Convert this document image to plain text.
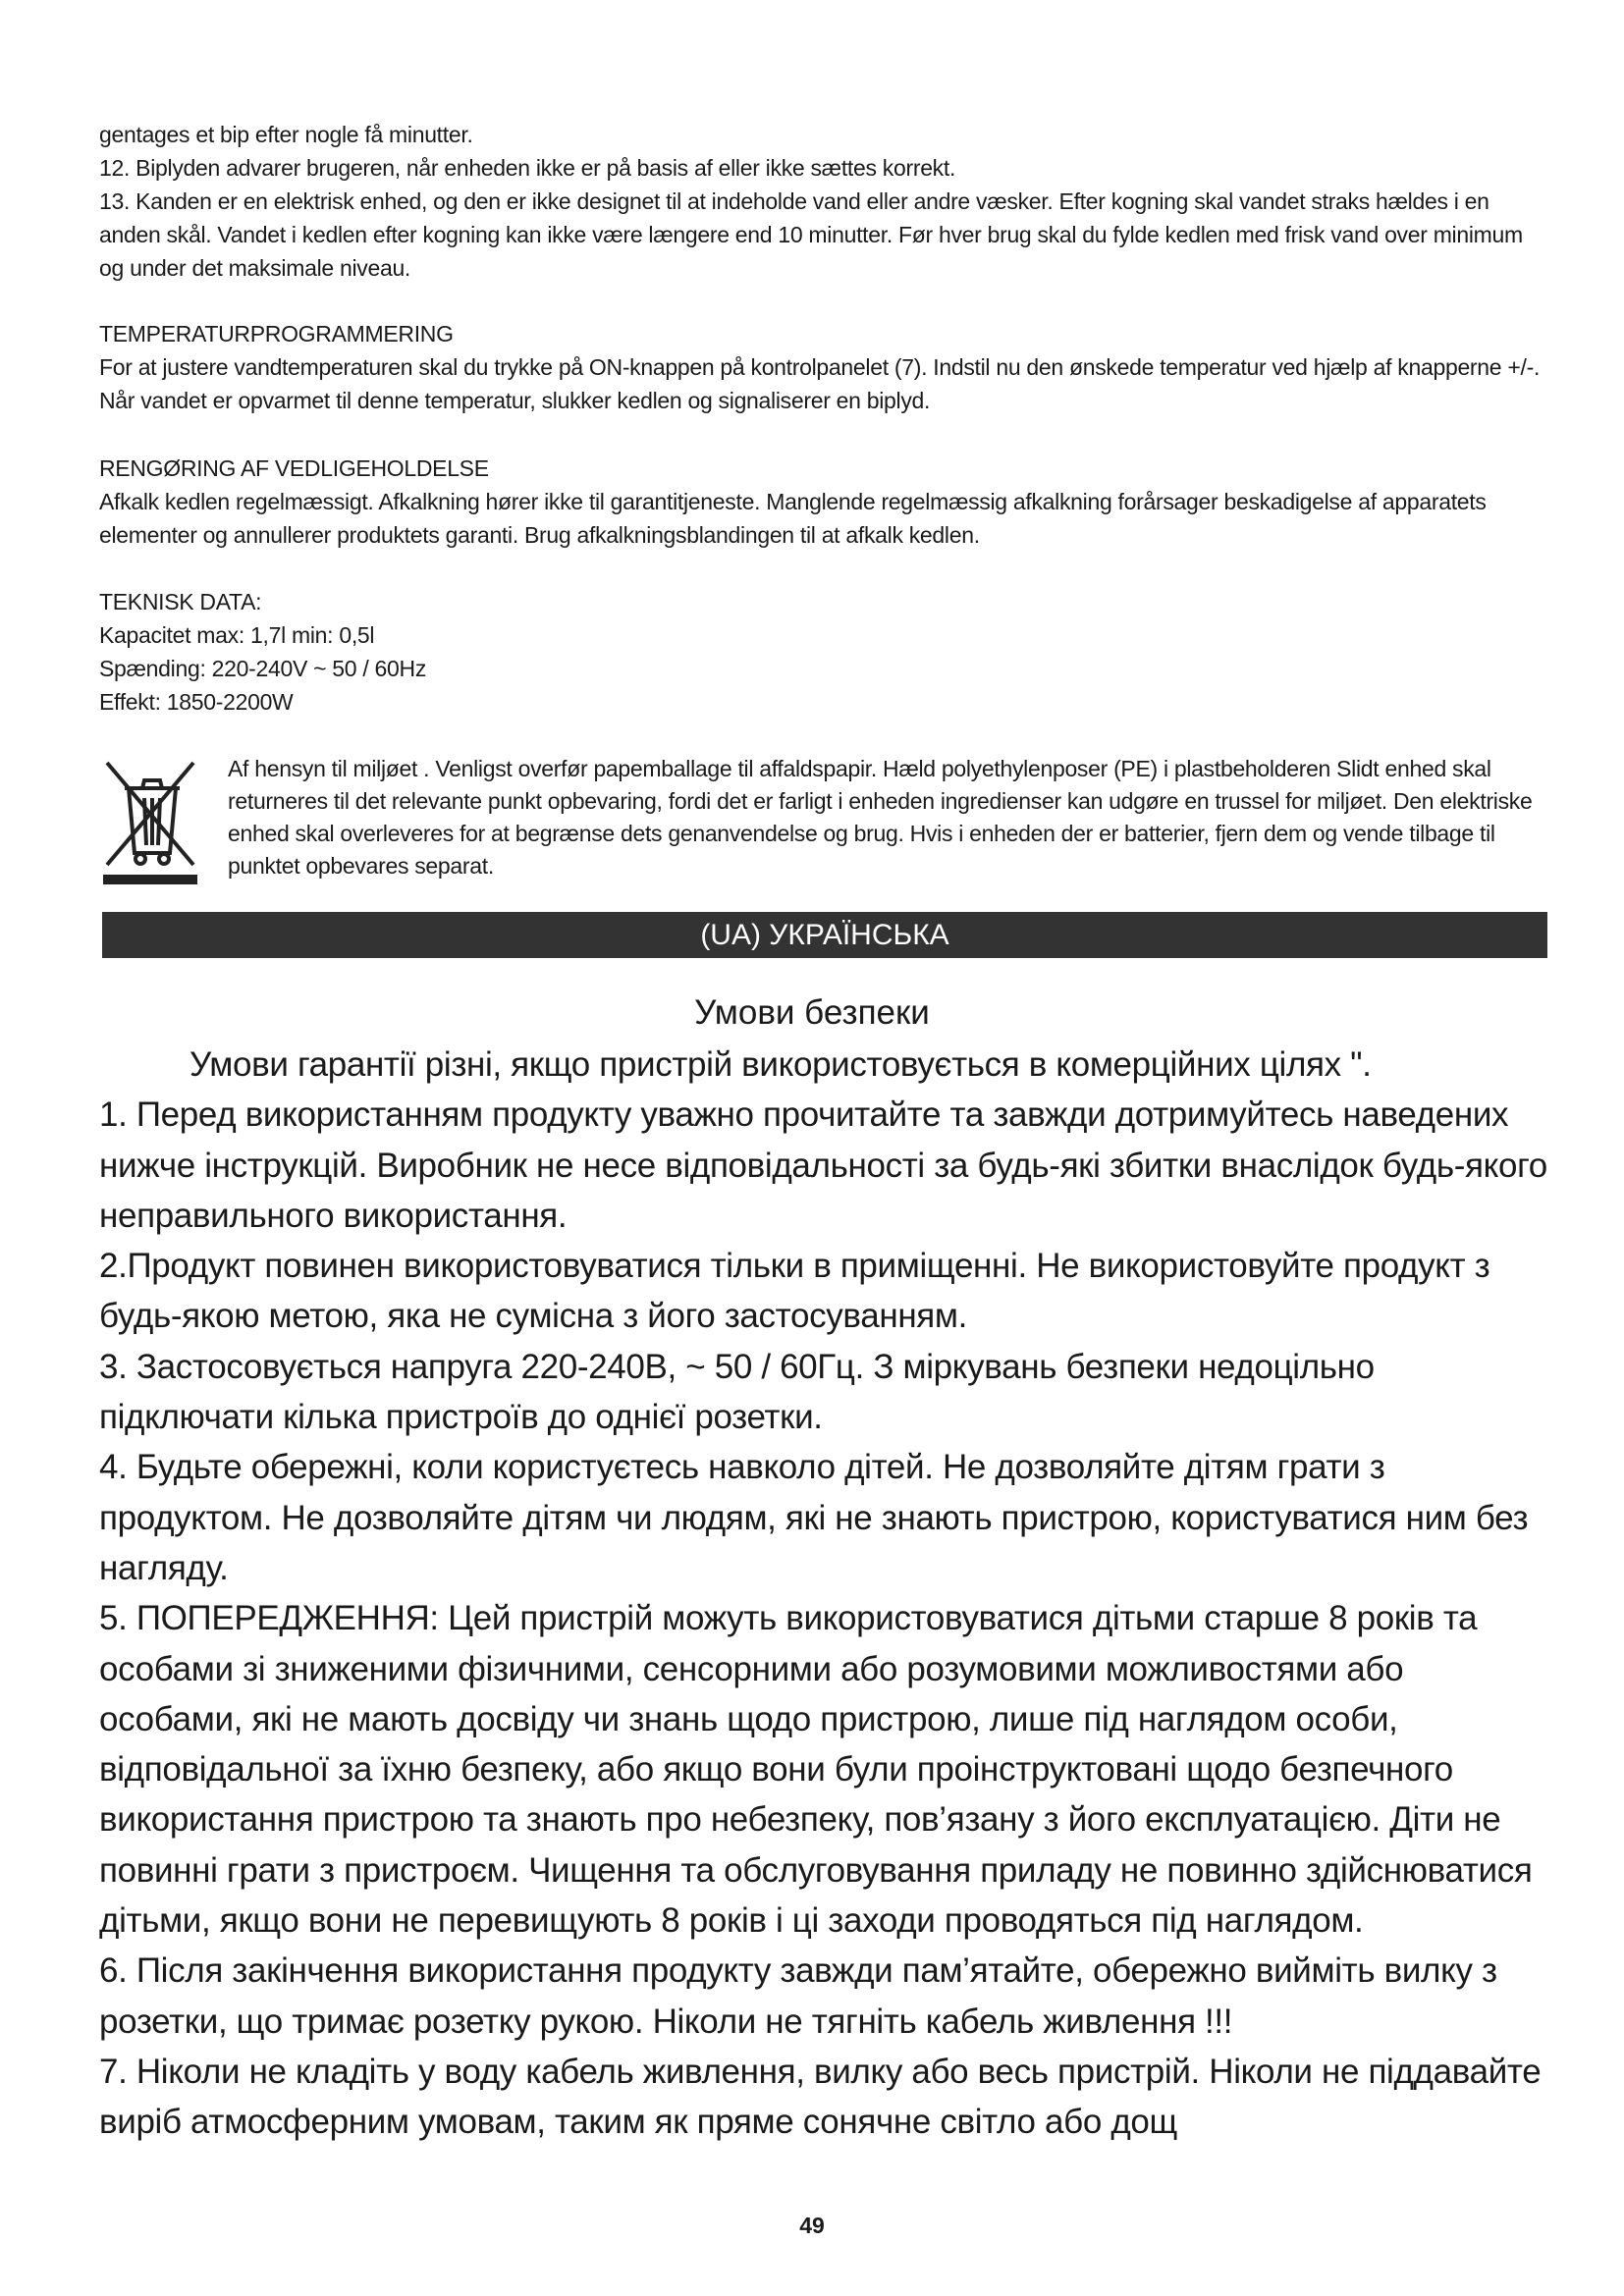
gentages et bip efter nogle få minutter.

12. Biplyden advarer brugeren, når enheden ikke er på basis af eller ikke sættes korrekt.

13. Kanden er en elektrisk enhed, og den er ikke designet til at indeholde vand eller andre væsker. Efter kogning skal vandet straks hældes i en anden skål. Vandet i kedlen efter kogning kan ikke være længere end 10 minutter. Før hver brug skal du fylde kedlen med frisk vand over minimum og under det maksimale niveau.

TEMPERATURPROGRAMMERING

For at justere vandtemperaturen skal du trykke på ON-knappen på kontrolpanelet (7). Indstil nu den ønskede temperatur ved hjælp af knapperne +/-. Når vandet er opvarmet til denne temperatur, slukker kedlen og signaliserer en biplyd.

RENGØRING AF VEDLIGEHOLDELSE

Afkalk kedlen regelmæssigt. Afkalkning hører ikke til garantitjeneste. Manglende regelmæssig afkalkning forårsager beskadigelse af apparatets elementer og annullerer produktets garanti. Brug afkalkningsblandingen til at afkalk kedlen.

TEKNISK DATA:
Kapacitet max: 1,7l min: 0,5l
Spænding: 220-240V ~ 50 / 60Hz
Effekt: 1850-2200W

Af hensyn til miljøet . Venligst overfør papemballage til affaldspapir. Hæld polyethylenposer (PE) i plastbeholderen Slidt enhed skal returneres til det relevante punkt opbevaring, fordi det er farligt i enheden ingredienser kan udgøre en trussel for miljøet. Den elektriske enhed skal overleveres for at begrænse dets genanvendelse og brug. Hvis i enheden der er batterier, fjern dem og vende tilbage til punktet opbevares separat.

(UA) УКРАЇНСЬКА
Умови безпеки

Умови гарантії різні, якщо пристрій використовується в комерційних цілях ".

1. Перед використанням продукту уважно прочитайте та завжди дотримуйтесь наведених нижче інструкцій. Виробник не несе відповідальності за будь-які збитки внаслідок будь-якого неправильного використання.

2.Продукт повинен використовуватися тільки в приміщенні. Не використовуйте продукт з будь-якою метою, яка не сумісна з його застосуванням.

3. Застосовується напруга 220-240В, ~ 50 / 60Гц. З міркувань безпеки недоцільно підключати кілька пристроїв до однієї розетки.

4. Будьте обережні, коли користуєтесь навколо дітей. Не дозволяйте дітям грати з продуктом. Не дозволяйте дітям чи людям, які не знають пристрою, користуватися ним без нагляду.

5. ПОПЕРЕДЖЕННЯ: Цей пристрій можуть використовуватися дітьми старше 8 років та особами зі зниженими фізичними, сенсорними або розумовими можливостями або особами, які не мають досвіду чи знань щодо пристрою, лише під наглядом особи, відповідальної за їхню безпеку, або якщо вони були проінструктовані щодо безпечного використання пристрою та знають про небезпеку, пов’язану з його експлуатацією. Діти не повинні грати з пристроєм. Чищення та обслуговування приладу не повинно здійснюватися дітьми, якщо вони не перевищують 8 років і ці заходи проводяться під наглядом.

6. Після закінчення використання продукту завжди пам’ятайте, обережно вийміть вилку з розетки, що тримає розетку рукою. Ніколи не тягніть кабель живлення !!!

7. Ніколи не кладіть у воду кабель живлення, вилку або весь пристрій. Ніколи не піддавайте виріб атмосферним умовам, таким як пряме сонячне світло або дощ

49
